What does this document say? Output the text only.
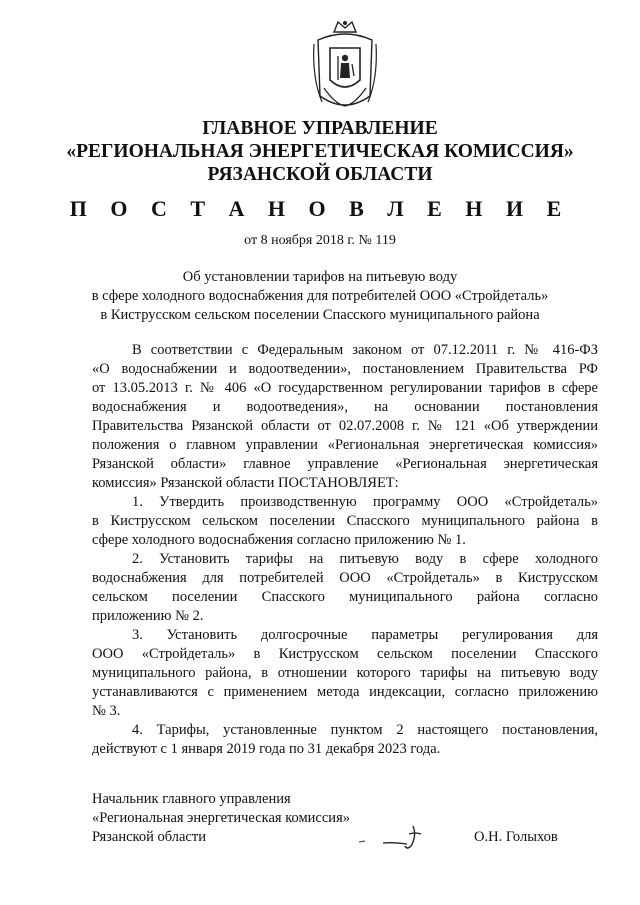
ГЛАВНОЕ УПРАВЛЕНИЕ
«РЕГИОНАЛЬНАЯ ЭНЕРГЕТИЧЕСКАЯ КОМИССИЯ»
РЯЗАНСКОЙ ОБЛАСТИ
П О С Т А Н О В Л Е Н И Е
от 8 ноября 2018 г. № 119
Об установлении тарифов на питьевую воду
в сфере холодного водоснабжения для потребителей ООО «Стройдеталь»
в Киструсском сельском поселении Спасского муниципального района
В соответствии с Федеральным законом от 07.12.2011 г. № 416-ФЗ
«О водоснабжении и водоотведении», постановлением Правительства РФ
от 13.05.2013 г. № 406 «О государственном регулировании тарифов в сфере
водоснабжения и водоотведения», на основании постановления
Правительства Рязанской области от 02.07.2008 г. № 121 «Об утверждении
положения о главном управлении «Региональная энергетическая комиссия»
Рязанской области» главное управление «Региональная энергетическая
комиссия» Рязанской области ПОСТАНОВЛЯЕТ:
1. Утвердить производственную программу ООО «Стройдеталь»
в Киструсском сельском поселении Спасского муниципального района в
сфере холодного водоснабжения согласно приложению № 1.
2. Установить тарифы на питьевую воду в сфере холодного
водоснабжения для потребителей ООО «Стройдеталь» в Киструсском
сельском поселении Спасского муниципального района согласно
приложению № 2.
3. Установить долгосрочные параметры регулирования для
ООО «Стройдеталь» в Киструсском сельском поселении Спасского
муниципального района, в отношении которого тарифы на питьевую воду
устанавливаются с применением метода индексации, согласно приложению
№ 3.
4. Тарифы, установленные пунктом 2 настоящего постановления,
действуют с 1 января 2019 года по 31 декабря 2023 года.
Начальник главного управления
«Региональная энергетическая комиссия»
Рязанской области	О.Н. Голыхов
